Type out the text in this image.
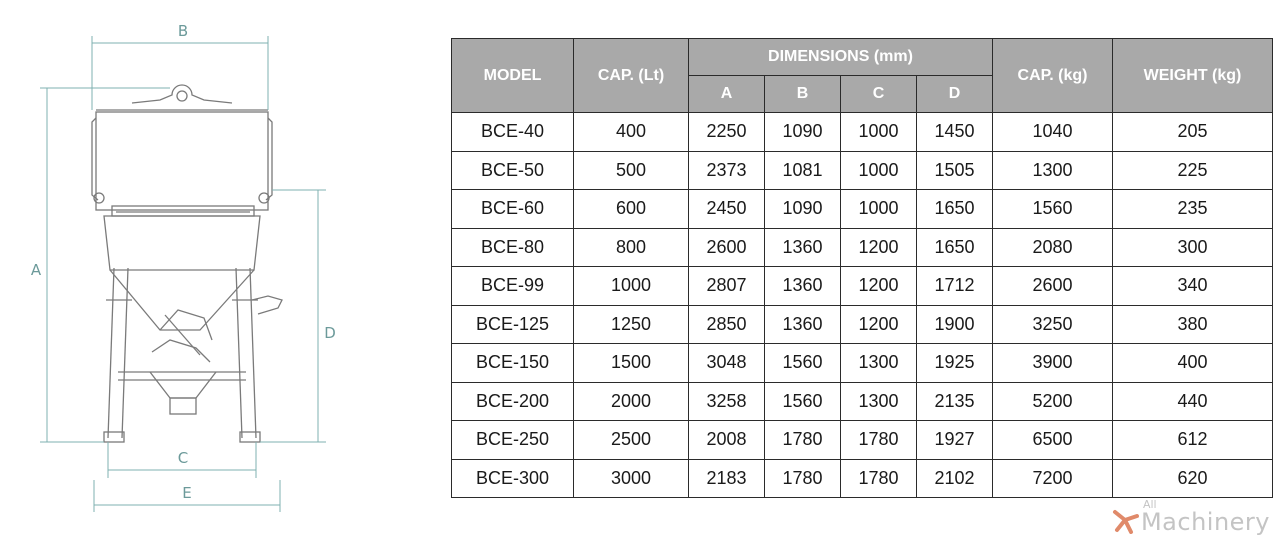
B
A
D
C
E
MODEL	CAP. (Lt)	DIMENSIONS (mm)				CAP. (kg)	WEIGHT (kg)
		A	B	C	D		
BCE-40	400	2250	1090	1000	1450	1040	205
BCE-50	500	2373	1081	1000	1505	1300	225
BCE-60	600	2450	1090	1000	1650	1560	235
BCE-80	800	2600	1360	1200	1650	2080	300
BCE-99	1000	2807	1360	1200	1712	2600	340
BCE-125	1250	2850	1360	1200	1900	3250	380
BCE-150	1500	3048	1560	1300	1925	3900	400
BCE-200	2000	3258	1560	1300	2135	5200	440
BCE-250	2500	2008	1780	1780	1927	6500	612
BCE-300	3000	2183	1780	1780	2102	7200	620
All
Machinery
